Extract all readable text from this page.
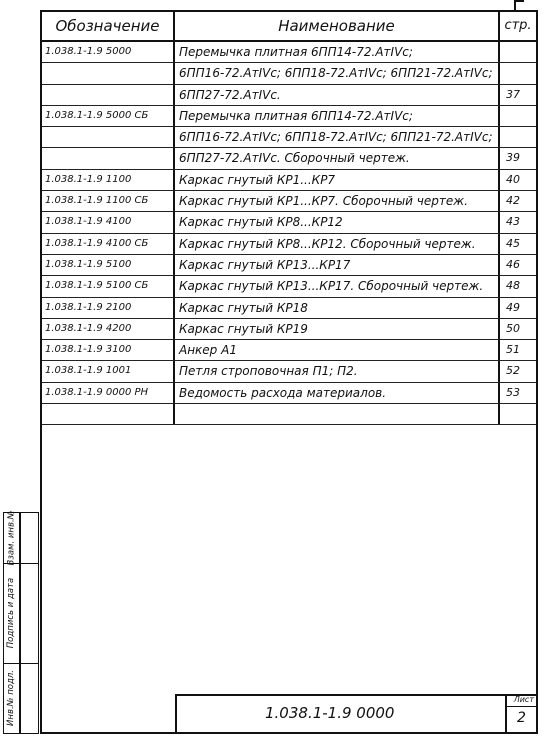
Обозначение	Наименование	стр.
1.038.1-1.9 5000	Перемычка плитная 6ПП14-72.АтIVс;
6ПП16-72.АтIVс; 6ПП18-72.АтIVс; 6ПП21-72.АтIVс;
6ПП27-72.АтIVс.	37
1.038.1-1.9 5000 СБ	Перемычка плитная 6ПП14-72.АтIVс;
6ПП16-72.АтIVс; 6ПП18-72.АтIVс; 6ПП21-72.АтIVс;
6ПП27-72.АтIVс. Сборочный чертеж.	39
1.038.1-1.9 1100	Каркас гнутый КР1...КР7	40
1.038.1-1.9 1100 СБ	Каркас гнутый КР1...КР7. Сборочный чертеж.	42
1.038.1-1.9 4100	Каркас гнутый КР8...КР12	43
1.038.1-1.9 4100 СБ	Каркас гнутый КР8...КР12. Сборочный чертеж.	45
1.038.1-1.9 5100	Каркас гнутый КР13...КР17	46
1.038.1-1.9 5100 СБ	Каркас гнутый КР13...КР17. Сборочный чертеж.	48
1.038.1-1.9 2100	Каркас гнутый КР18	49
1.038.1-1.9 4200	Каркас гнутый КР19	50
1.038.1-1.9 3100	Анкер А1	51
1.038.1-1.9 1001	Петля строповочная П1; П2.	52
1.038.1-1.9 0000 РН	Ведомость расхода материалов.	53
1.038.1-1.9 0000
Лист
2
Взам. инв.№
Подпись и дата
Инв.№ подл.
